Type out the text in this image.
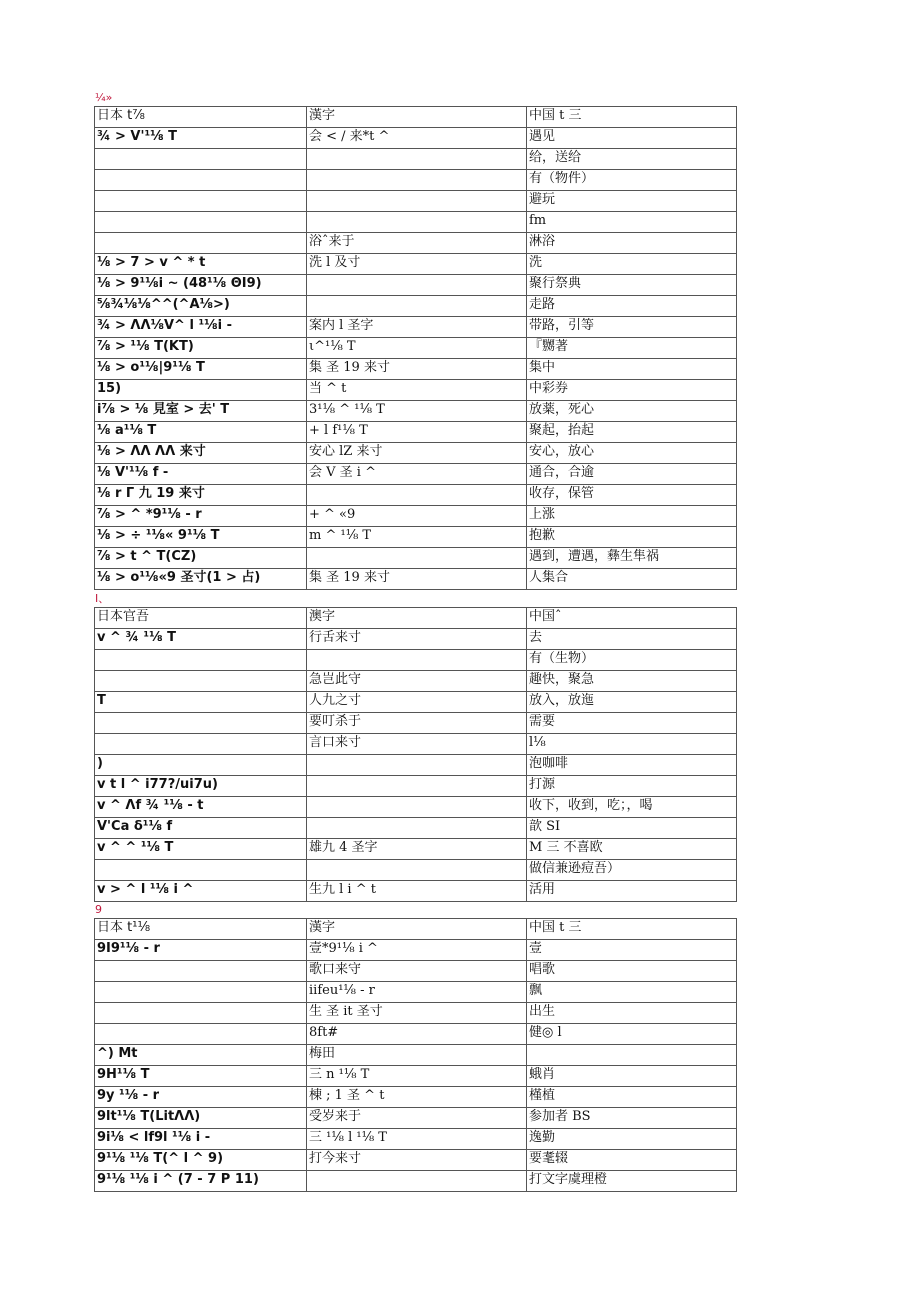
¼»
日本 t⅞	漢字	中国 t 三
¾ > V'¹⅛ T	会 < / 来*t ^	遇见
		给，送给
		有（物件）
		避玩
		fm
	浴ˆ来于	淋浴
⅛ > 7 > v ^ * t	洗 l 及寸	洗
⅛ > 9¹⅛i ~ (48¹⅛ ΘI9)		聚行祭典
⅝¾⅛⅛^^(^A⅛>)		走路
¾ > ΛΛ⅛V^ l ¹⅛i -	案内 l 圣字	带路，引等
⅞ > ¹⅛ T(KT)	ι^¹⅛ T	『嬲著
⅛ > o¹⅛|9¹⅛ T	集 圣 19 来寸	集中
15)	当 ^ t	中彩券
i⅞ > ⅛ 見室 > 去' T	3¹⅛ ^ ¹⅛ T	放薬，死心
⅛ a¹⅛ T	+ l f¹⅛ T	聚起，抬起
⅛ > ΛΛ ΛΛ 来寸	安心 lZ 来寸	安心，放心
⅛ V'¹⅛ f -	会 V 圣 i ^	通合，合逾
⅛ r Γ 九 19 来寸		收存，保管
⅞ > ^ *9¹⅛ - r	+ ^ «9	上涨
⅛ > ÷ ¹⅛« 9¹⅛ T	m ^ ¹⅛ T	抱歉
⅞ > t ^ T(CZ)		遇到，遭遇，彝生隼祸
⅛ > o¹⅛«9 圣寸(1 > 占)	集 圣 19 来寸	人集合
I、
日本官吾	澳字	中国ˆ
v ^ ¾ ¹⅛ T	行舌来寸	去
		有（生物）
	急岂此守	趣快，聚急
T	人九之寸	放入，放迤
	要叮杀于	需要
	言口来寸	l⅛
)		泡咖啡
v t l ^ i77?/ui7u)		打源
v ^ Λf ¾ ¹⅛ - t		收下，收到，吃；，喝
V'Ca δ¹⅛ f		歆 SI
v ^ ^ ¹⅛ T	雄九 4 圣字	M 三 不喜欧
		做信兼逊痘吾）
v > ^ l ¹⅛ i ^	生九 l i ^ t	活用
9
日本 t¹⅛	漢字	中国 t 三
9I9¹⅛ - r	壹*9¹⅛ i ^	壹
	歌口来守	唱歌
	iifeu¹⅛ - r	飘
	生 圣 it 圣寸	出生
	8ft#	健◎ l
^) Mt	梅田	
9H¹⅛ T	三 n ¹⅛ T	蛾肖
9y ¹⅛ - r	棟 ; 1 圣 ^ t	槿植
9lt¹⅛ T(LitΛΛ)	受岁来于	参加者 BS
9i⅛ < lf9l ¹⅛ i -	三 ¹⅛ l ¹⅛ T	逸勤
9¹⅛ ¹⅛ T(^ l ^ 9)	打今来寸	要耄辍
9¹⅛ ¹⅛ i ^ (7 - 7 P 11)		打文字虞理橙
